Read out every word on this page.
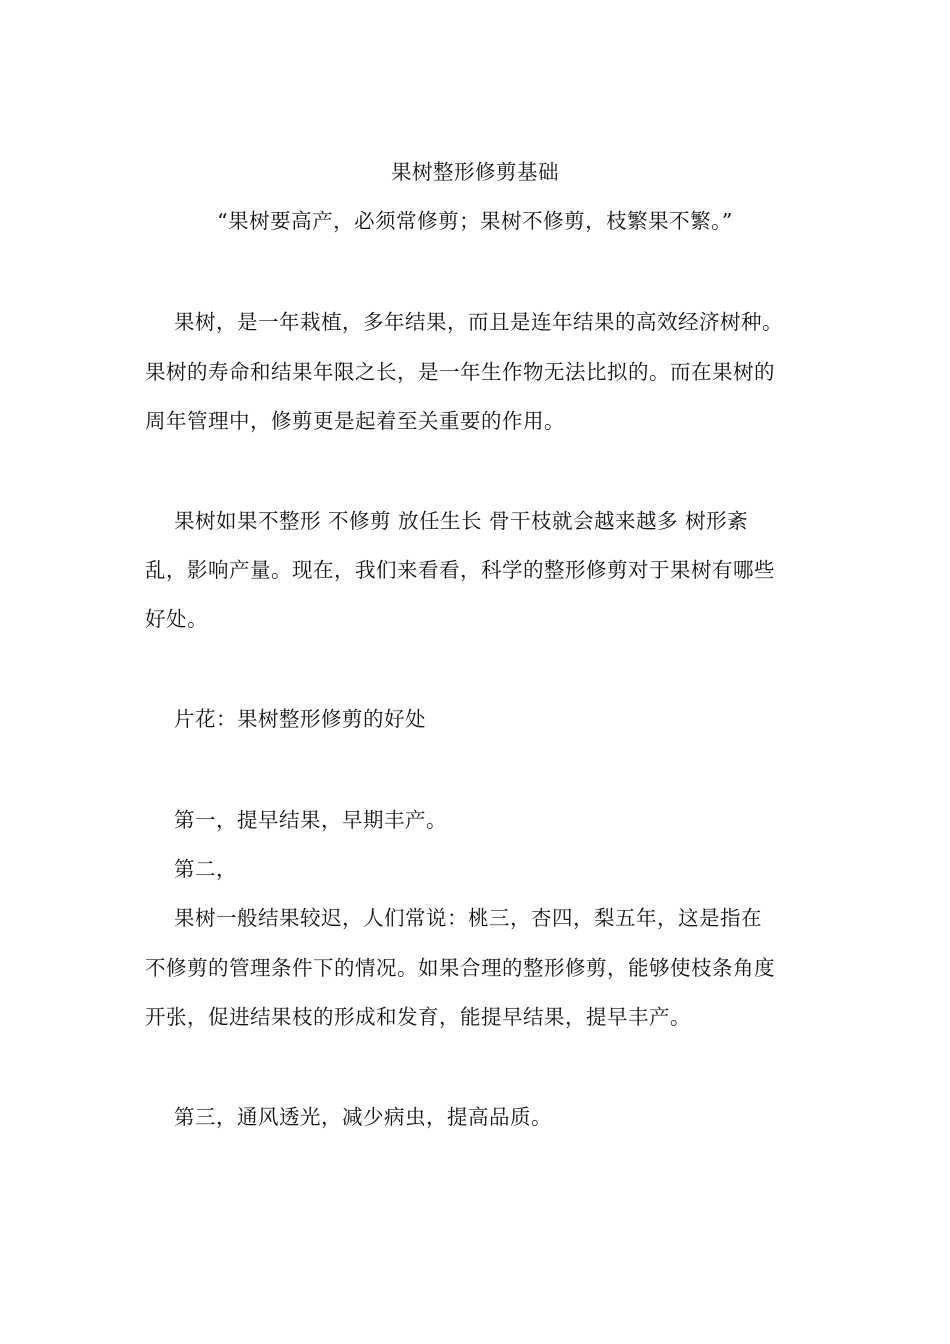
果树整形修剪基础
“果树要高产，必须常修剪；果树不修剪，枝繁果不繁。”
果树，是一年栽植，多年结果，而且是连年结果的高效经济树种。
果树的寿命和结果年限之长，是一年生作物无法比拟的。而在果树的
周年管理中，修剪更是起着至关重要的作用。
果树如果不整形 不修剪 放任生长 骨干枝就会越来越多 树形紊
乱，影响产量。现在，我们来看看，科学的整形修剪对于果树有哪些
好处。
片花：果树整形修剪的好处
第一，提早结果，早期丰产。
第二，
果树一般结果较迟，人们常说：桃三，杏四，梨五年，这是指在
不修剪的管理条件下的情况。如果合理的整形修剪，能够使枝条角度
开张，促进结果枝的形成和发育，能提早结果，提早丰产。
第三，通风透光，减少病虫，提高品质。
